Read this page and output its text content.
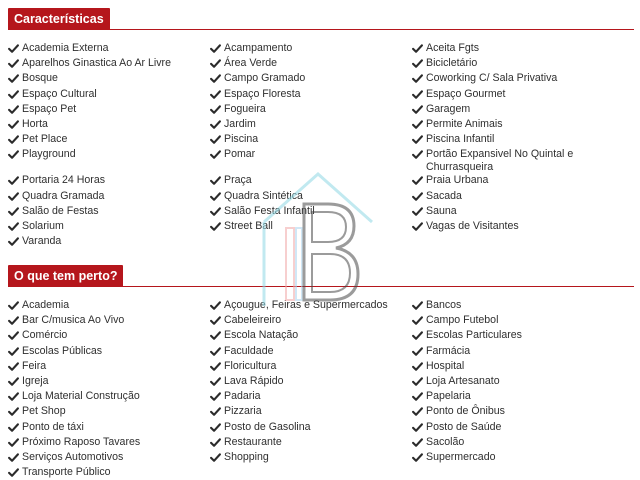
Características
Academia Externa	Acampamento	Aceita Fgts
Aparelhos Ginastica Ao Ar Livre	Área Verde	Bicicletário
Bosque	Campo Gramado	Coworking C/ Sala Privativa
Espaço Cultural	Espaço Floresta	Espaço Gourmet
Espaço Pet	Fogueira	Garagem
Horta	Jardim	Permite Animais
Pet Place	Piscina	Piscina Infantil
Playground	Pomar	Portão Expansivel No Quintal e Churrasqueira
Portaria 24 Horas	Praça	Praia Urbana
Quadra Gramada	Quadra Sintética	Sacada
Salão de Festas	Salão Festa Infantil	Sauna
Solarium	Street Ball	Vagas de Visitantes
Varanda
O que tem perto?
Academia	Açougue, Feiras e Supermercados	Bancos
Bar C/musica Ao Vivo	Cabeleireiro	Campo Futebol
Comércio	Escola Natação	Escolas Particulares
Escolas Públicas	Faculdade	Farmácia
Feira	Floricultura	Hospital
Igreja	Lava Rápido	Loja Artesanato
Loja Material Construção	Padaria	Papelaria
Pet Shop	Pizzaria	Ponto de Ônibus
Ponto de táxi	Posto de Gasolina	Posto de Saúde
Próximo Raposo Tavares	Restaurante	Sacolão
Serviços Automotivos	Shopping	Supermercado
Transporte Público
